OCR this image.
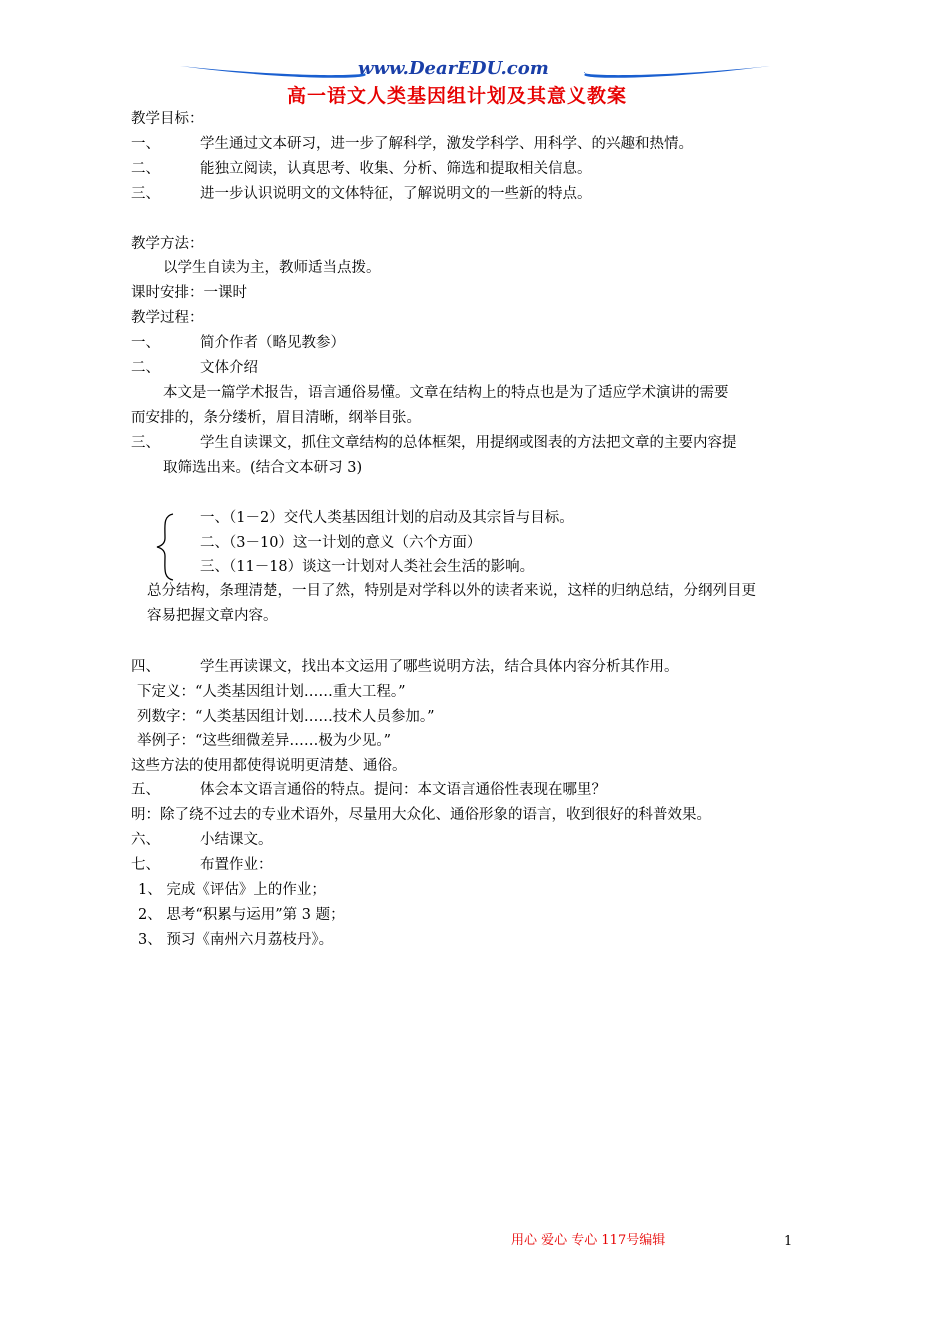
www.DearEDU.com
高一语文人类基因组计划及其意义教案
教学目标：
一、	学生通过文本研习，进一步了解科学，激发学科学、用科学、的兴趣和热情。
二、	能独立阅读，认真思考、收集、分析、筛选和提取相关信息。
三、	进一步认识说明文的文体特征，了解说明文的一些新的特点。
教学方法：
以学生自读为主，教师适当点拨。
课时安排：一课时
教学过程：
一、	简介作者（略见教参）
二、	文体介绍
本文是一篇学术报告，语言通俗易懂。文章在结构上的特点也是为了适应学术演讲的需要
而安排的，条分缕析，眉目清晰，纲举目张。
三、	学生自读课文，抓住文章结构的总体框架，用提纲或图表的方法把文章的主要内容提
取筛选出来。(结合文本研习 3)
一、（1－2）交代人类基因组计划的启动及其宗旨与目标。
二、（3－10）这一计划的意义（六个方面）
三、（11－18）谈这一计划对人类社会生活的影响。
总分结构，条理清楚，一目了然，特别是对学科以外的读者来说，这样的归纳总结，分纲列目更
容易把握文章内容。
四、	学生再读课文，找出本文运用了哪些说明方法，结合具体内容分析其作用。
下定义：“人类基因组计划……重大工程。”
列数字：“人类基因组计划……技术人员参加。”
举例子：“这些细微差异……极为少见。”
这些方法的使用都使得说明更清楚、通俗。
五、	体会本文语言通俗的特点。提问：本文语言通俗性表现在哪里？
明：除了绕不过去的专业术语外，尽量用大众化、通俗形象的语言，收到很好的科普效果。
六、	小结课文。
七、	布置作业：
1、 完成《评估》上的作业；
2、 思考“积累与运用”第 3 题；
3、 预习《南州六月荔枝丹》。
用心 爱心 专心 117号编辑	1
